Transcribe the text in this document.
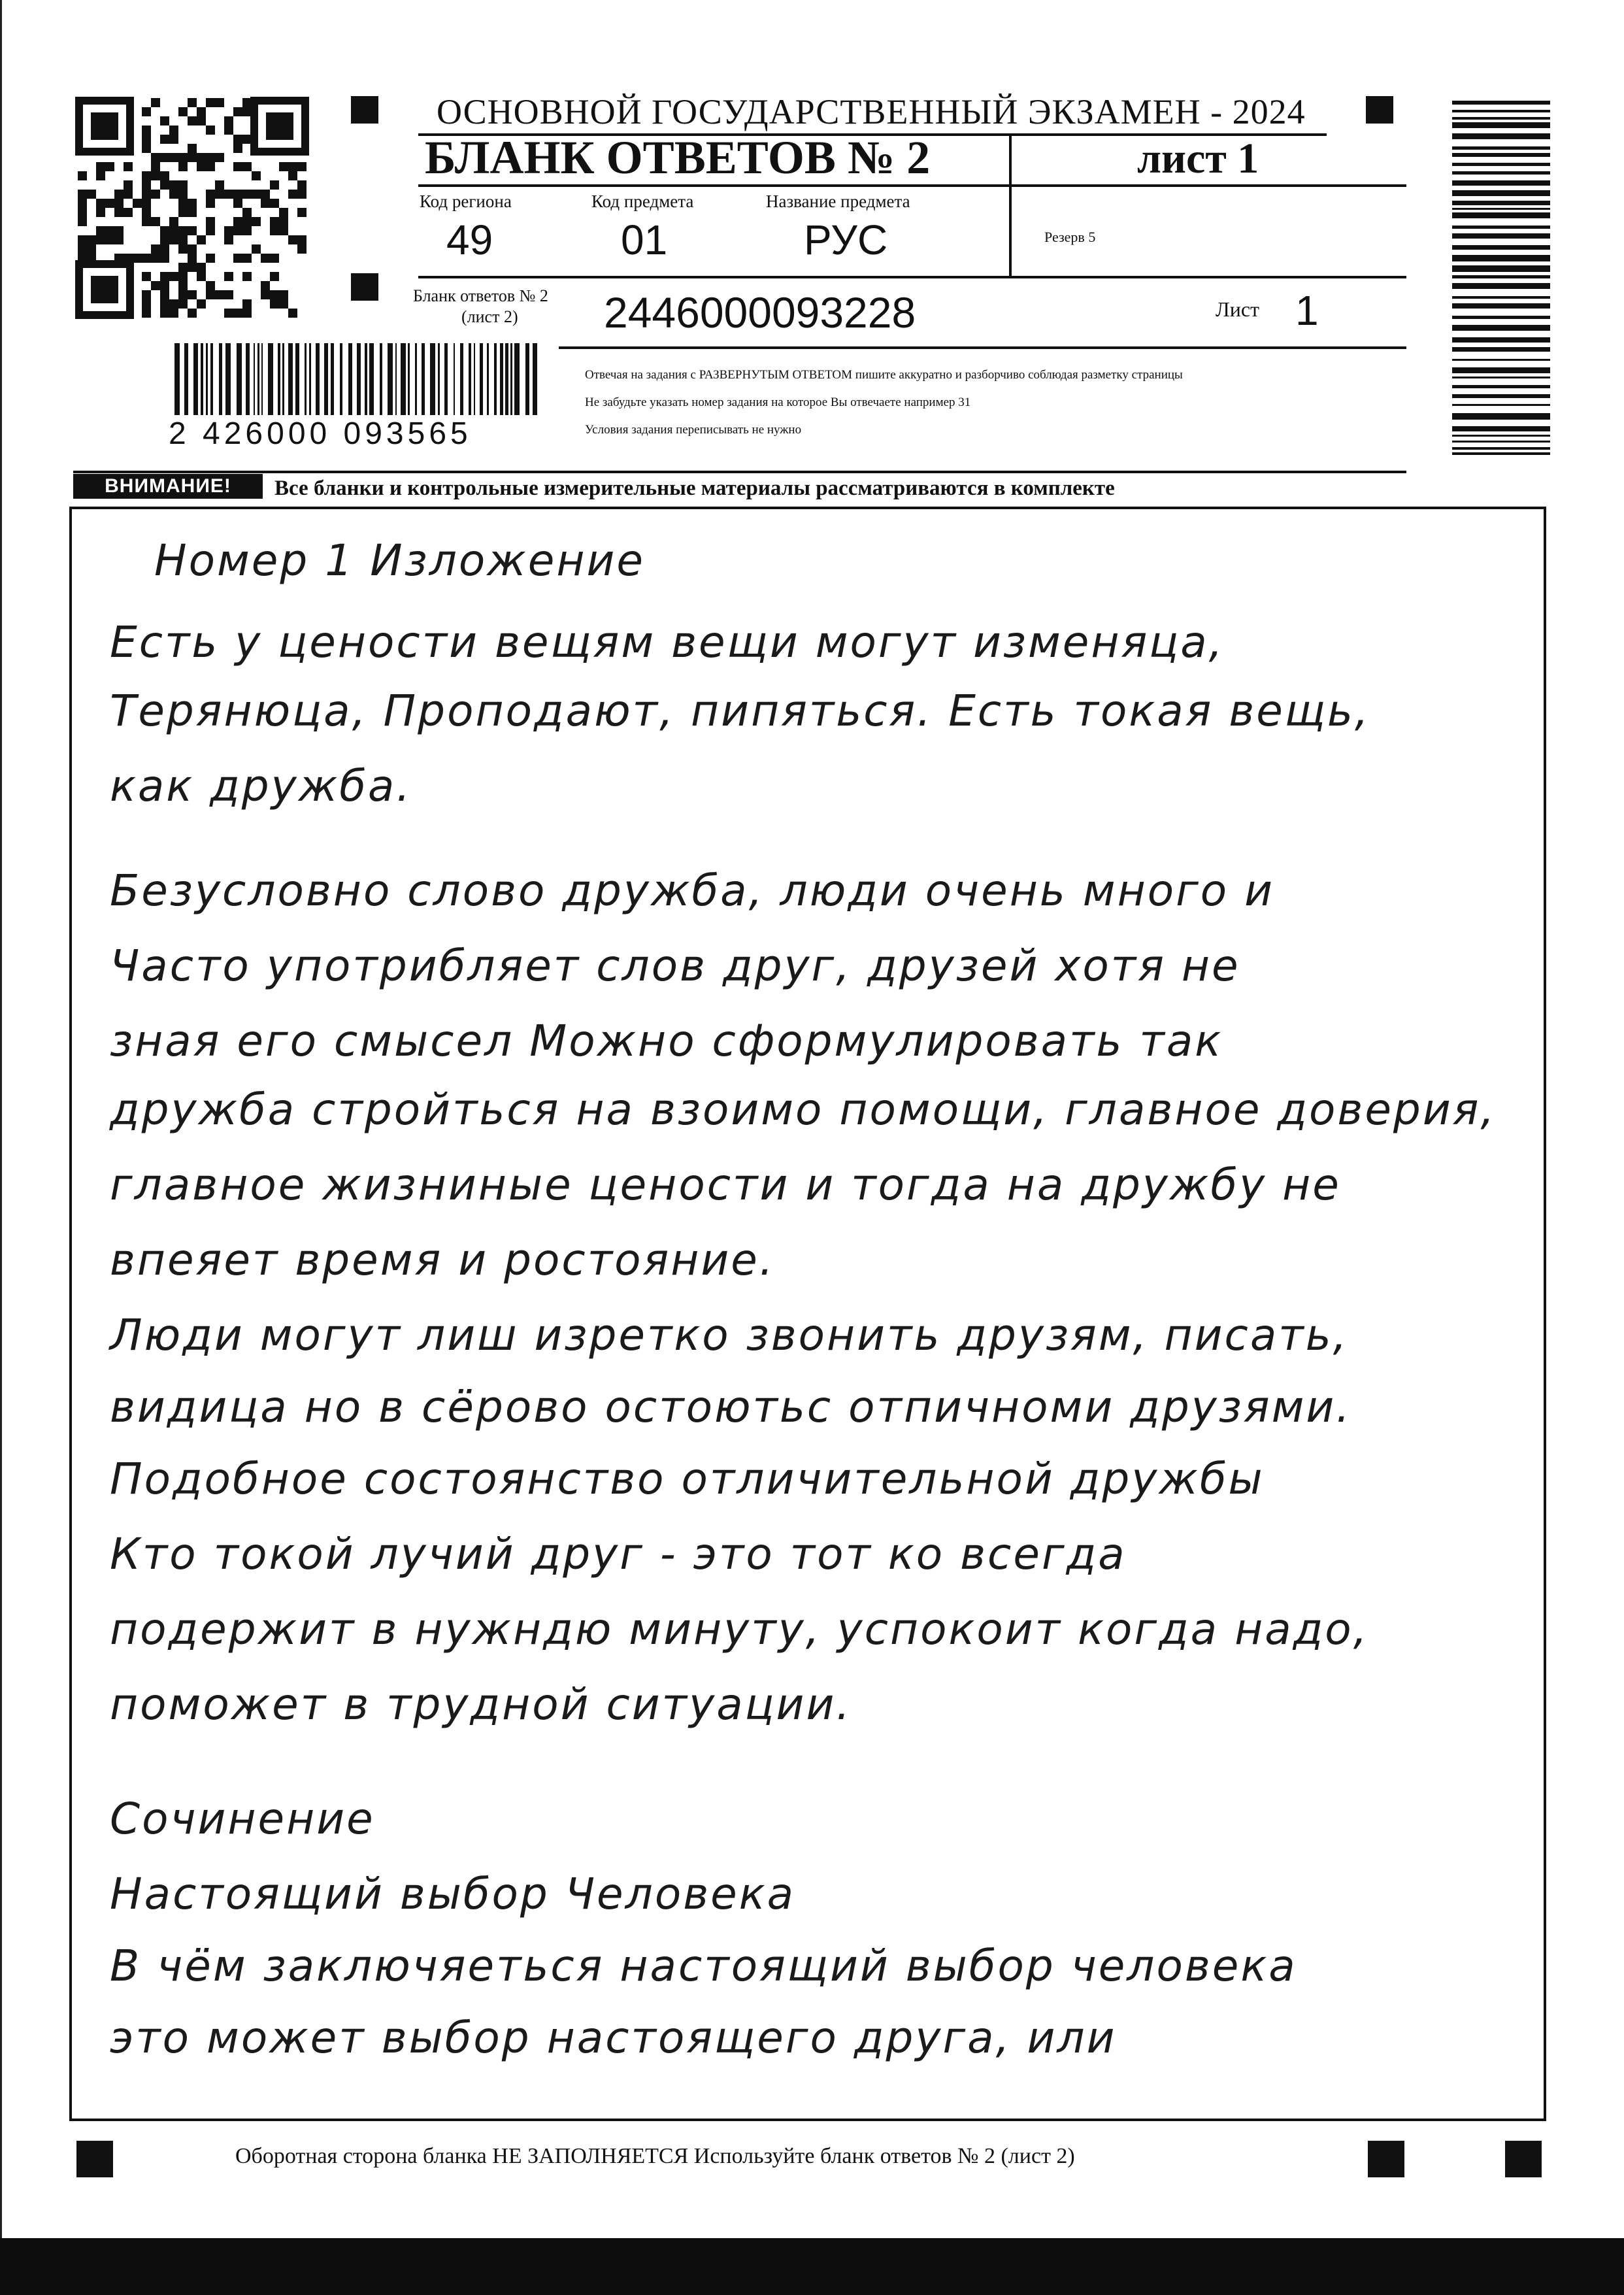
ОСНОВНОЙ ГОСУДАРСТВЕННЫЙ ЭКЗАМЕН - 2024
БЛАНК ОТВЕТОВ № 2	лист 1
Код региона
49
Код предмета
01
Название предмета
РУС	Резерв 5
Бланк ответов № 2
(лист 2) 2446000093228	Лист 1
2 426000 093565
Отвечая на задания с РАЗВЕРНУТЫМ ОТВЕТОМ пишите аккуратно и разборчиво соблюдая разметку страницы
Не забудьте указать номер задания на которое Вы отвечаете например 31
Условия задания переписывать не нужно
ВНИМАНИЕ!	Все бланки и контрольные измерительные материалы рассматриваются в комплекте
Номер 1 Изложение
Есть у цености вещям вещи могут изменяца,
Терянюца, Проподают, пипяться. Есть токая вещь,
как дружба.
Безусловно слово дружба, люди очень много и
Часто употрибляет слов друг, друзей хотя не
зная его смысел Можно сформулировать так
дружба стройться на взоимо помощи, главное доверия,
главное жизниные цености и тогда на дружбу не
впеяет время и ростояние.
Люди могут лиш изретко звонить друзям, писать,
видица но в сёрово остоютьс отпичноми друзями.
Подобное состоянство отличительной дружбы
Кто токой лучий друг - это тот ко всегда
подержит в нужндю минуту, успокоит когда надо,
поможет в трудной ситуации.
Сочинение
Настоящий выбор Человека
В чём заключяеться настоящий выбор человека
это может выбор настоящего друга, или
Оборотная сторона бланка НЕ ЗАПОЛНЯЕТСЯ Используйте бланк ответов № 2 (лист 2)
